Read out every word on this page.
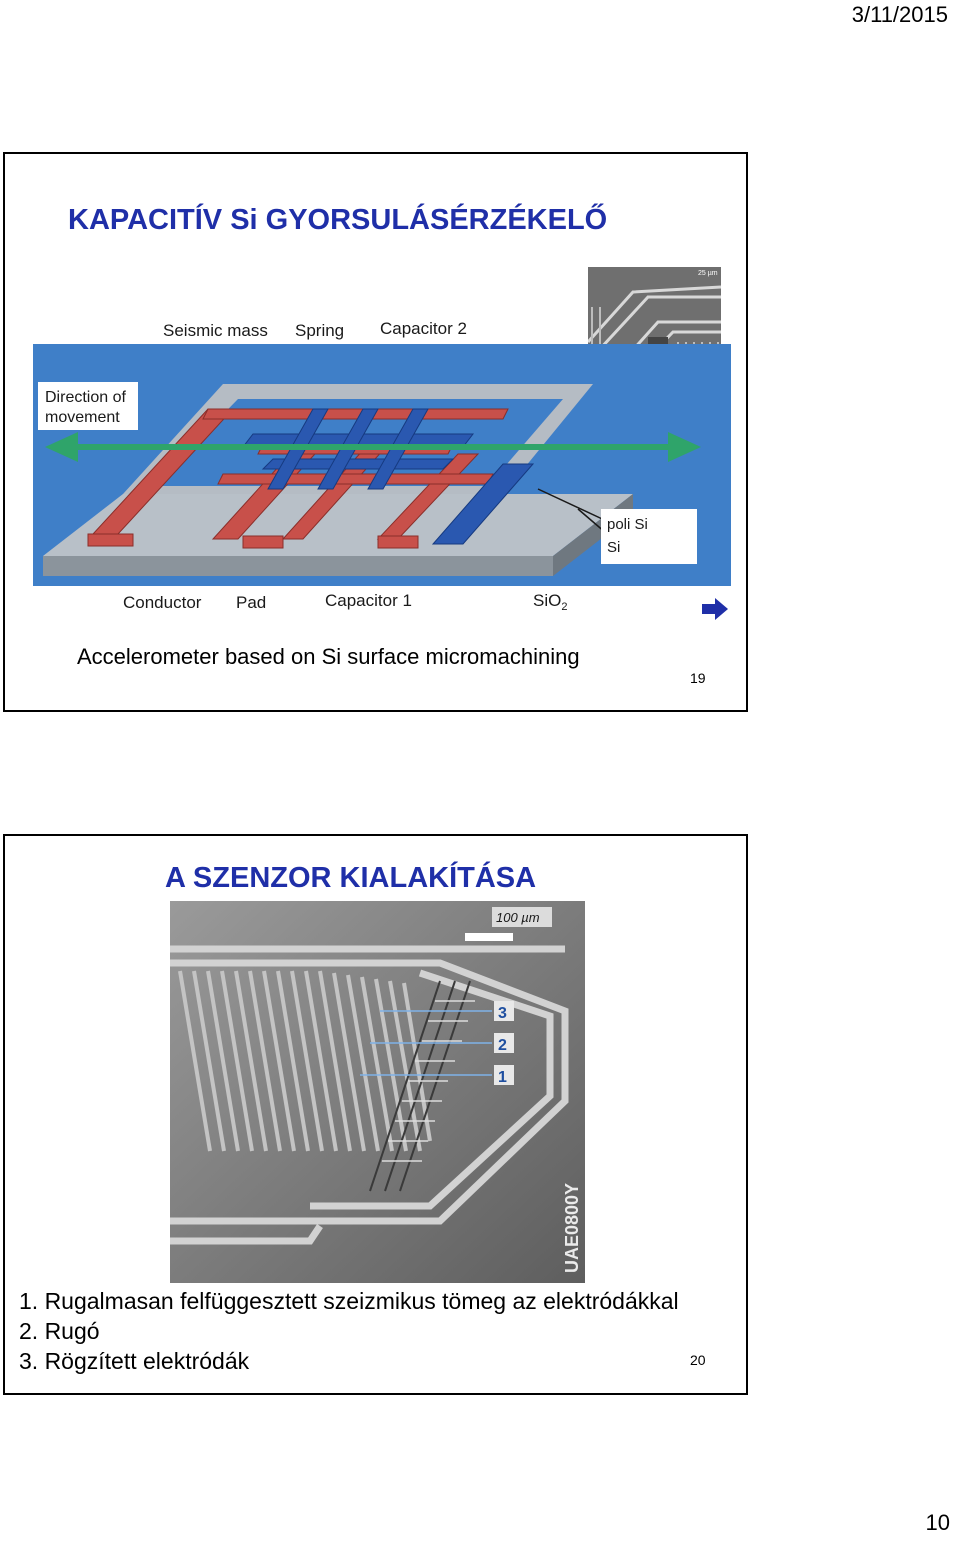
3/11/2015
KAPACITÍV Si GYORSULÁSÉRZÉKELŐ
25 µm
Direction of
movement
poli Si
Si
Seismic mass Spring Capacitor 2
Conductor Pad	Capacitor 1	SiO$_2$
Accelerometer based on Si surface micromachining
19
A SZENZOR KIALAKÍTÁSA
3
2
1
100 µm
UAE0800Y
1. Rugalmasan felfüggesztett szeizmikus tömeg az elektródákkal
2. Rugó
3. Rögzített elektródák	20
10
